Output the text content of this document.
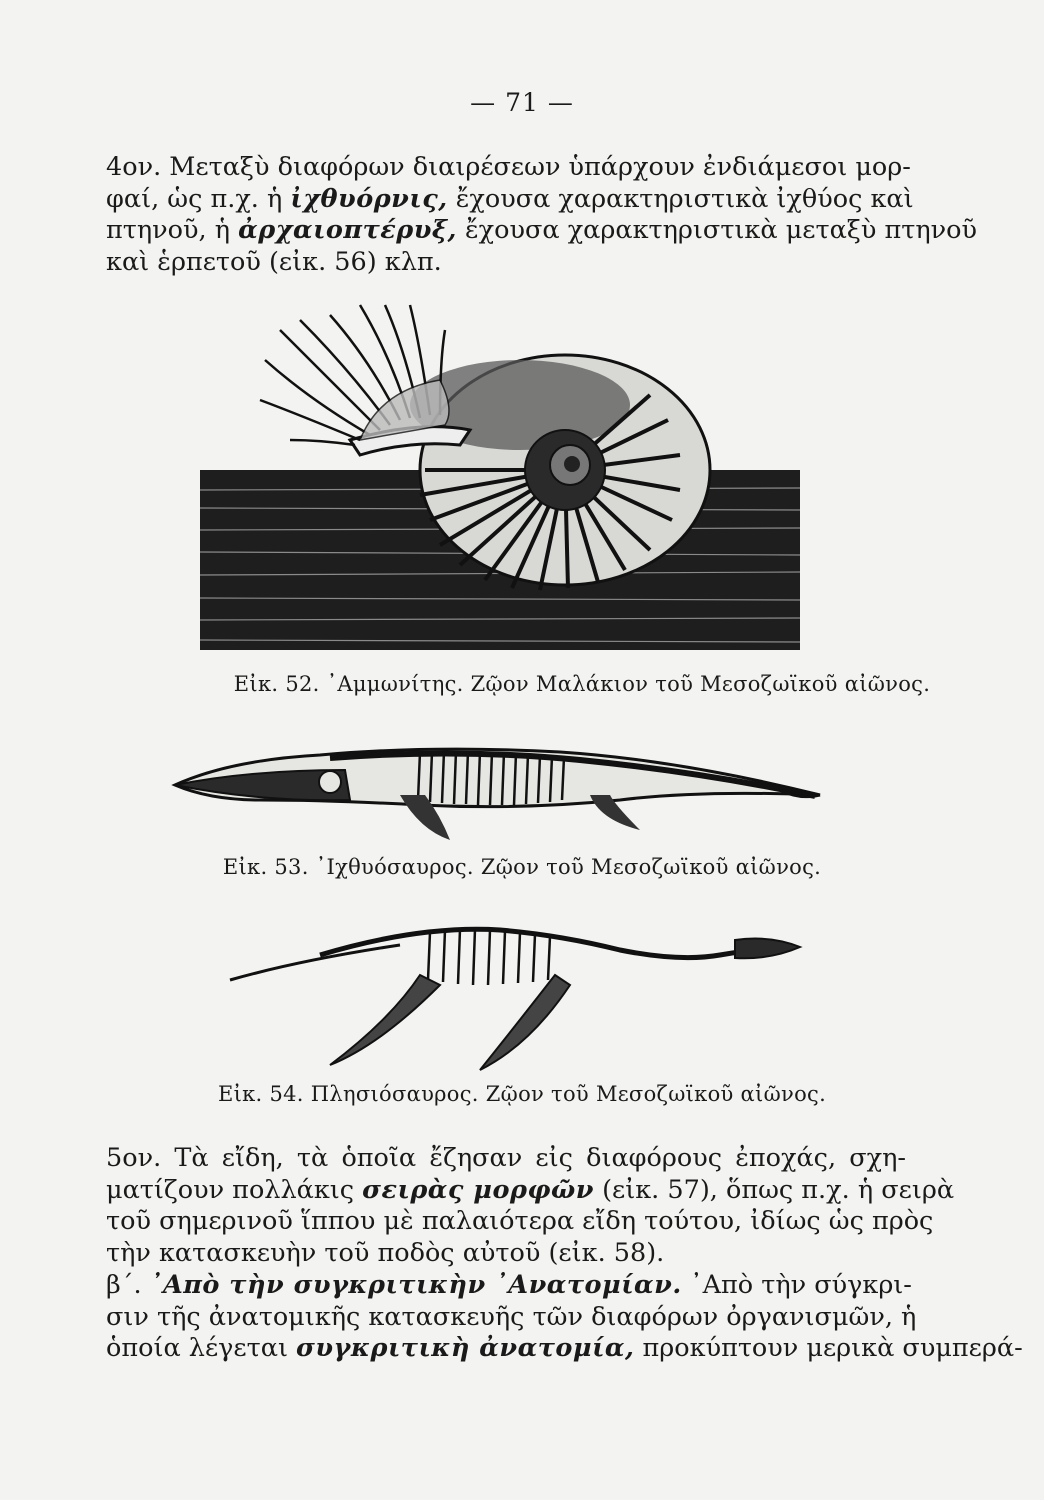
— 71 —
4ον. Μεταξὺ διαφόρων διαιρέσεων ὑπάρχουν ἐνδιάμεσοι μορ-
φαί, ὡς π.χ. ἡ ἰχθυόρνις, ἔχουσα χαρακτηριστικὰ ἰχθύος καὶ
πτηνοῦ, ἡ ἀρχαιοπτέρυξ, ἔχουσα χαρακτηριστικὰ μεταξὺ πτηνοῦ
καὶ ἑρπετοῦ (εἰκ. 56) κλπ.
Εἰκ. 52. ᾿Αμμωνίτης. Ζῷον Μαλάκιον τοῦ Μεσοζωϊκοῦ αἰῶνος.
Εἰκ. 53. ᾿Ιχθυόσαυρος. Ζῷον τοῦ Μεσοζωϊκοῦ αἰῶνος.
Εἰκ. 54. Πλησιόσαυρος. Ζῷον τοῦ Μεσοζωϊκοῦ αἰῶνος.
5ον. Τὰ εἴδη, τὰ ὁποῖα ἔζησαν εἰς διαφόρους ἐποχάς, σχη-
ματίζουν πολλάκις σειρὰς μορφῶν (εἰκ. 57), ὅπως π.χ. ἡ σειρὰ
τοῦ σημερινοῦ ἵππου μὲ παλαιότερα εἴδη τούτου, ἰδίως ὡς πρὸς
τὴν κατασκευὴν τοῦ ποδὸς αὐτοῦ (εἰκ. 58).
β΄. ᾿Απὸ τὴν συγκριτικὴν ᾿Ανατομίαν. ᾿Απὸ τὴν σύγκρι-
σιν τῆς ἀνατομικῆς κατασκευῆς τῶν διαφόρων ὀργανισμῶν, ἡ
ὁποία λέγεται συγκριτικὴ ἀνατομία, προκύπτουν μερικὰ συμπερά-
